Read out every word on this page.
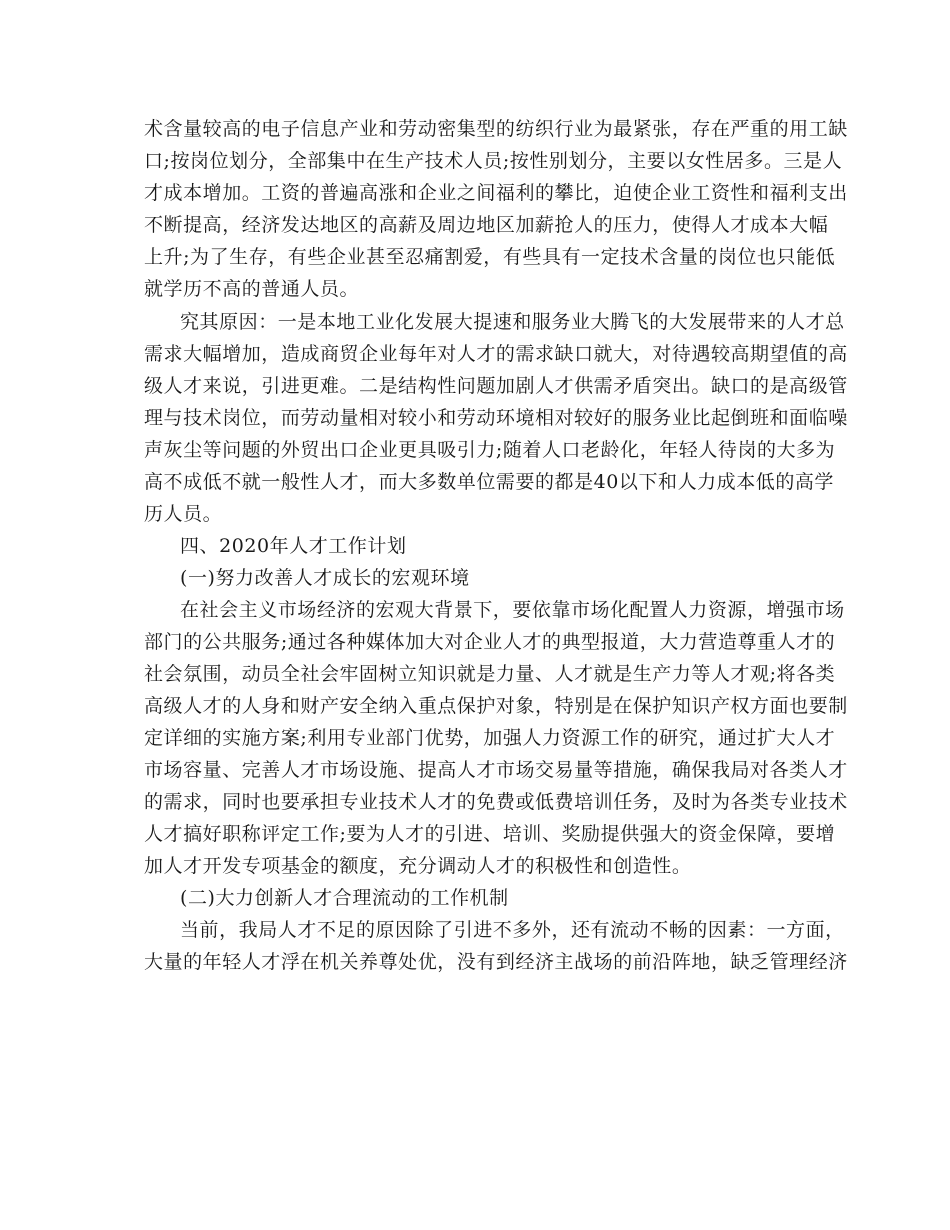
术含量较高的电子信息产业和劳动密集型的纺织行业为最紧张，存在严重的用工缺
口;按岗位划分，全部集中在生产技术人员;按性别划分，主要以女性居多。三是人
才成本增加。工资的普遍高涨和企业之间福利的攀比，迫使企业工资性和福利支出
不断提高，经济发达地区的高薪及周边地区加薪抢人的压力，使得人才成本大幅
上升;为了生存，有些企业甚至忍痛割爱，有些具有一定技术含量的岗位也只能低
就学历不高的普通人员。
究其原因：一是本地工业化发展大提速和服务业大腾飞的大发展带来的人才总
需求大幅增加，造成商贸企业每年对人才的需求缺口就大，对待遇较高期望值的高
级人才来说，引进更难。二是结构性问题加剧人才供需矛盾突出。缺口的是高级管
理与技术岗位，而劳动量相对较小和劳动环境相对较好的服务业比起倒班和面临噪
声灰尘等问题的外贸出口企业更具吸引力;随着人口老龄化，年轻人待岗的大多为
高不成低不就一般性人才，而大多数单位需要的都是40以下和人力成本低的高学
历人员。
四、2020年人才工作计划
(一)努力改善人才成长的宏观环境
在社会主义市场经济的宏观大背景下，要依靠市场化配置人力资源，增强市场
部门的公共服务;通过各种媒体加大对企业人才的典型报道，大力营造尊重人才的
社会氛围，动员全社会牢固树立知识就是力量、人才就是生产力等人才观;将各类
高级人才的人身和财产安全纳入重点保护对象，特别是在保护知识产权方面也要制
定详细的实施方案;利用专业部门优势，加强人力资源工作的研究，通过扩大人才
市场容量、完善人才市场设施、提高人才市场交易量等措施，确保我局对各类人才
的需求，同时也要承担专业技术人才的免费或低费培训任务，及时为各类专业技术
人才搞好职称评定工作;要为人才的引进、培训、奖励提供强大的资金保障，要增
加人才开发专项基金的额度，充分调动人才的积极性和创造性。
(二)大力创新人才合理流动的工作机制
当前，我局人才不足的原因除了引进不多外，还有流动不畅的因素：一方面，
大量的年轻人才浮在机关养尊处优，没有到经济主战场的前沿阵地，缺乏管理经济
